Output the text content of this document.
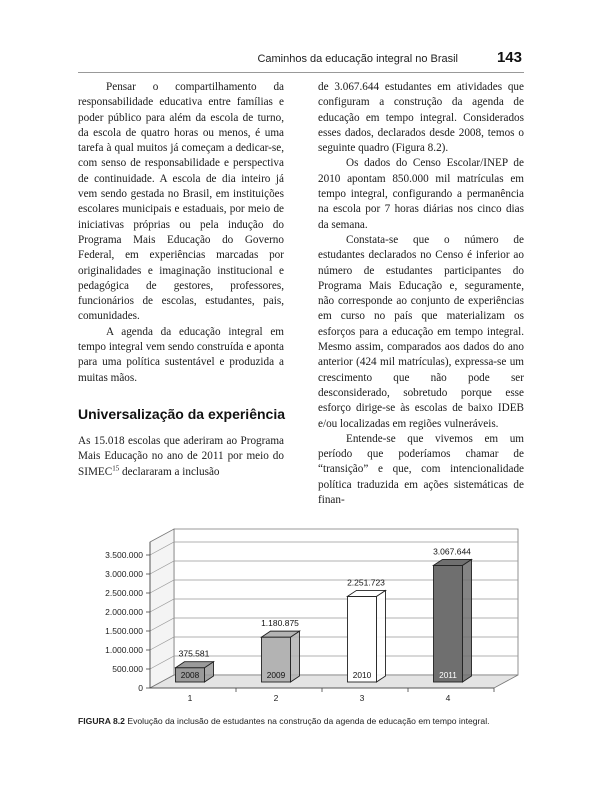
Caminhos da educação integral no Brasil	143

Pensar o compartilhamento da responsabilidade educativa entre famílias e poder público para além da escola de turno, da escola de quatro horas ou menos, é uma tarefa à qual muitos já começam a dedicar-se, com senso de responsabilidade e perspectiva de continuidade. A escola de dia inteiro já vem sendo gestada no Brasil, em instituições escolares municipais e estaduais, por meio de iniciativas próprias ou pela indução do Programa Mais Educação do Governo Federal, em experiências marcadas por originalidades e imaginação institucional e pedagógica de gestores, professores, funcionários de escolas, estudantes, pais, comunidades.

A agenda da educação integral em tempo integral vem sendo construída e aponta para uma política sustentável e produzida a muitas mãos.

Universalização da experiência

As 15.018 escolas que aderiram ao Programa Mais Educação no ano de 2011 por meio do SIMEC$^{15}$ declararam a inclusão

de 3.067.644 estudantes em atividades que configuram a construção da agenda de educação em tempo integral. Considerados esses dados, declarados desde 2008, temos o seguinte quadro (Figura 8.2).

Os dados do Censo Escolar/INEP de 2010 apontam 850.000 mil matrículas em tempo integral, configurando a permanência na escola por 7 horas diárias nos cinco dias da semana.

Constata-se que o número de estudantes declarados no Censo é inferior ao número de estudantes participantes do Programa Mais Educação e, seguramente, não corresponde ao conjunto de experiências em curso no país que materializam os esforços para a educação em tempo integral. Mesmo assim, comparados aos dados do ano anterior (424 mil matrículas), expressa-se um crescimento que não pode ser desconsiderado, sobretudo porque esse esforço dirige-se às escolas de baixo IDEB e/ou localizadas em regiões vulneráveis.

Entende-se que vivemos em um período que poderíamos chamar de “transição” e que, com intencionalidade política traduzida em ações sistemáticas de finan-

0
500.000
1.000.000
1.500.000
2.000.000
2.500.000
3.000.000
3.500.000
2008
375.581
1
2009
1.180.875
2
2010
2.251.723
3
2011
3.067.644
4
FIGURA 8.2 Evolução da inclusão de estudantes na construção da agenda de educação em tempo integral.
